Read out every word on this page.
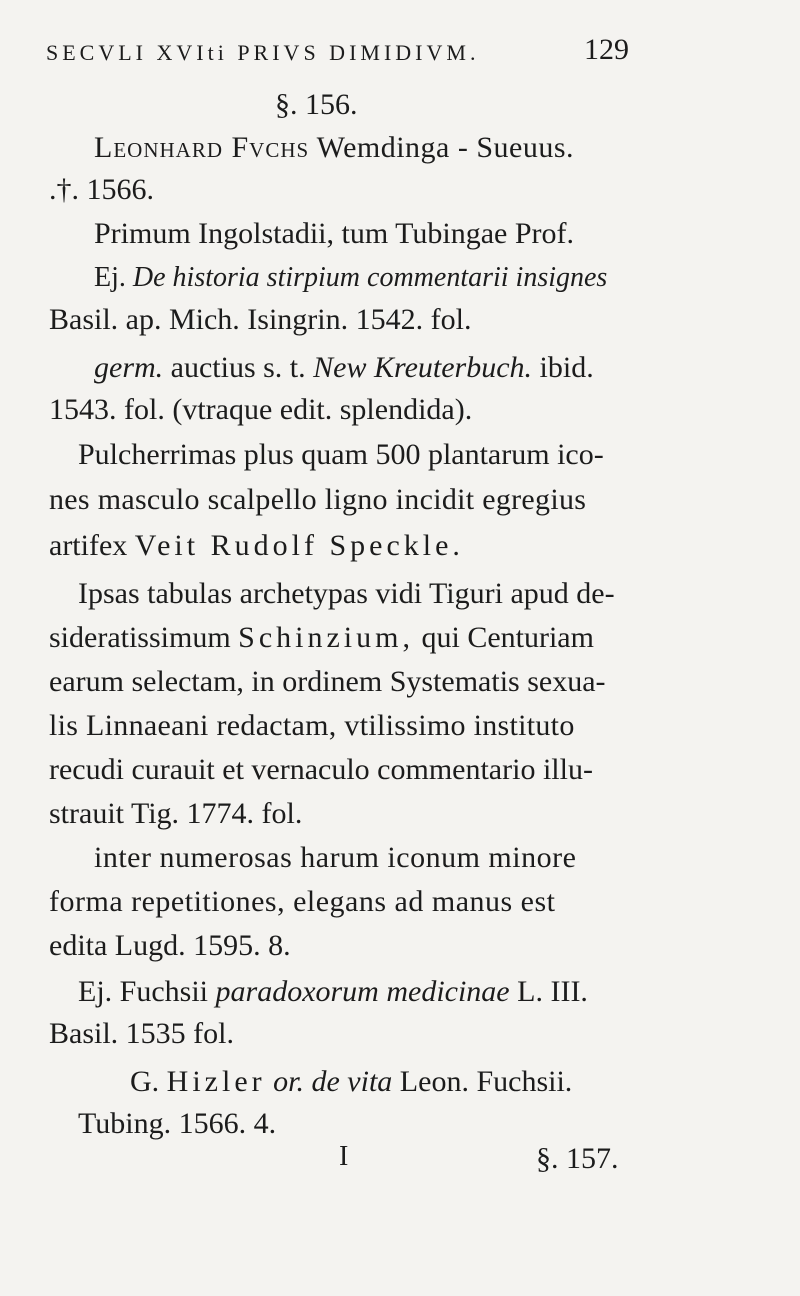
SECVLI XVIti PRIVS DIMIDIVM.	129
§. 156.
Leonhard Fvchs Wemdinga - Sueuus.
.†. 1566.
Primum Ingolstadii, tum Tubingae Prof.
Ej. De historia stirpium commentarii insignes
Basil. ap. Mich. Isingrin. 1542. fol.
germ. auctius s. t. New Kreuterbuch. ibid.
1543. fol. (vtraque edit. splendida).
Pulcherrimas plus quam 500 plantarum ico-
nes masculo scalpello ligno incidit egregius
artifex Veit Rudolf Speckle.
Ipsas tabulas archetypas vidi Tiguri apud de-
sideratissimum Schinzium, qui Centuriam
earum selectam, in ordinem Systematis sexua-
lis Linnaeani redactam, vtilissimo instituto
recudi curauit et vernaculo commentario illu-
strauit Tig. 1774. fol.
inter numerosas harum iconum minore
forma repetitiones, elegans ad manus est
edita Lugd. 1595. 8.
Ej. Fuchsii paradoxorum medicinae L. III.
Basil. 1535 fol.
G. Hizler or. de vita Leon. Fuchsii.
Tubing. 1566. 4.
I	§. 157.
